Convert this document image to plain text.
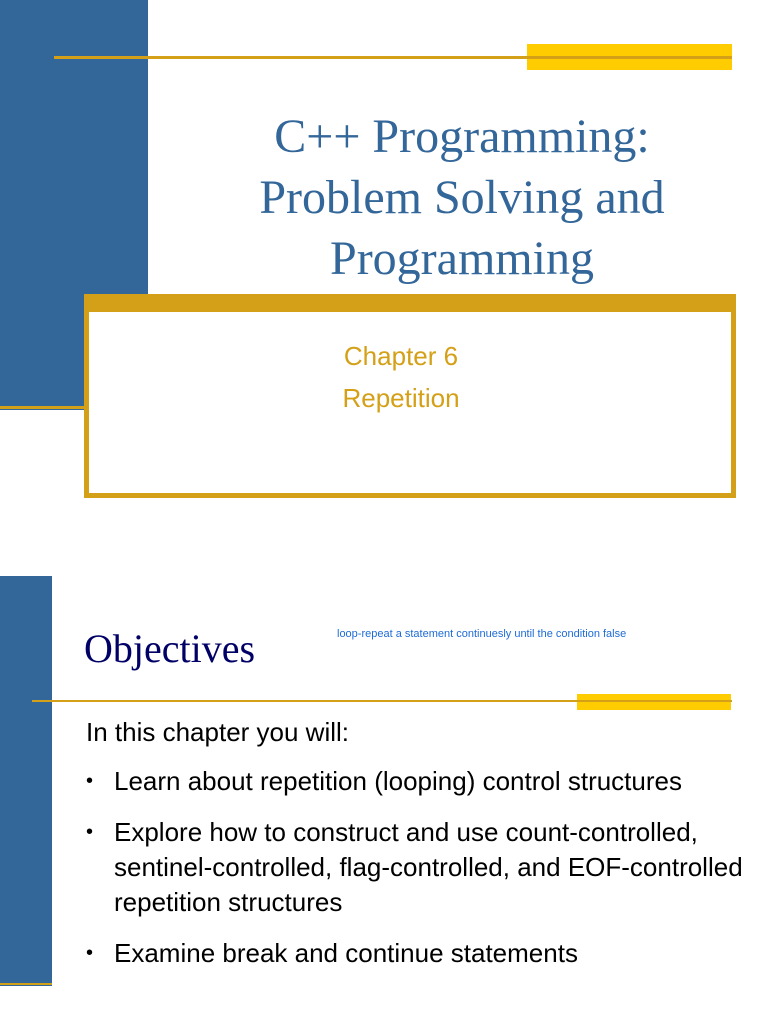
C++ Programming:
Problem Solving and
Programming
Chapter 6
Repetition
Objectives	loop-repeat a statement continuesly until the condition false
In this chapter you will:
• Learn about repetition (looping) control structures
• Explore how to construct and use count-controlled, sentinel-controlled, flag-controlled, and EOF-controlled repetition structures
• Examine break and continue statements
